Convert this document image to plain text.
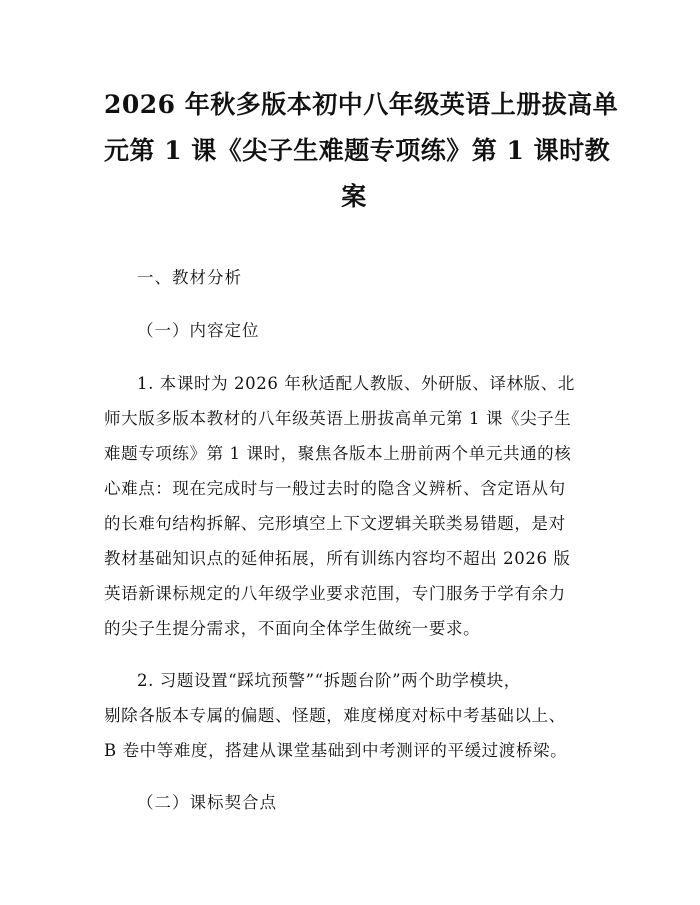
2026 年秋多版本初中八年级英语上册拔高单
元第 1 课《尖子生难题专项练》第 1 课时教
案
一、教材分析
（一）内容定位
1. 本课时为 2026 年秋适配人教版、外研版、译林版、北
师大版多版本教材的八年级英语上册拔高单元第 1 课《尖子生
难题专项练》第 1 课时，聚焦各版本上册前两个单元共通的核
心难点：现在完成时与一般过去时的隐含义辨析、含定语从句
的长难句结构拆解、完形填空上下文逻辑关联类易错题，是对
教材基础知识点的延伸拓展，所有训练内容均不超出 2026 版
英语新课标规定的八年级学业要求范围，专门服务于学有余力
的尖子生提分需求，不面向全体学生做统一要求。
2. 习题设置“踩坑预警”“拆题台阶”两个助学模块，
剔除各版本专属的偏题、怪题，难度梯度对标中考基础以上、
B 卷中等难度，搭建从课堂基础到中考测评的平缓过渡桥梁。
（二）课标契合点
